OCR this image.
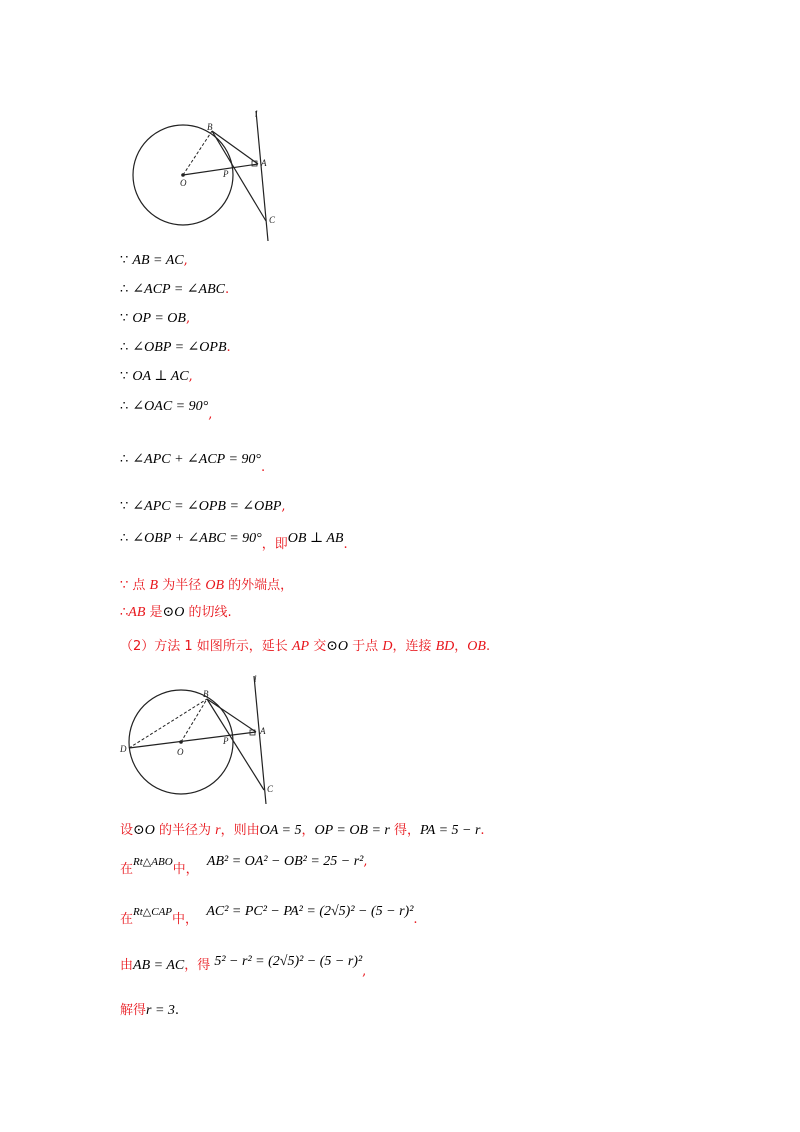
l
B
A
P
O
C
∵ AB = AC,
∴ ∠ACP = ∠ABC.
∵ OP = OB,
∴ ∠OBP = ∠OPB.
∵ OA ⊥ AC,
∴ ∠OAC = 90°,
∴ ∠APC + ∠ACP = 90°.
∵ ∠APC = ∠OPB = ∠OBP,
∴ ∠OBP + ∠ABC = 90°，即OB ⊥ AB.
∵ 点 B 为半径 OB 的外端点，
∴AB 是⊙O 的切线.
（2）方法 1 如图所示，延长 AP 交⊙O 于点 D，连接 BD，OB.
l
B
A
P
O
D
C
设⊙O 的半径为 r，则由OA = 5，OP = OB = r 得，PA = 5 − r.
在Rt△ABO中，  AB² = OA² − OB² = 25 − r²,
在Rt△CAP中，  AC² = PC² − PA² = (2√5)² − (5 − r)².
由AB = AC，得 5² − r² = (2√5)² − (5 − r)²,
解得r = 3.
